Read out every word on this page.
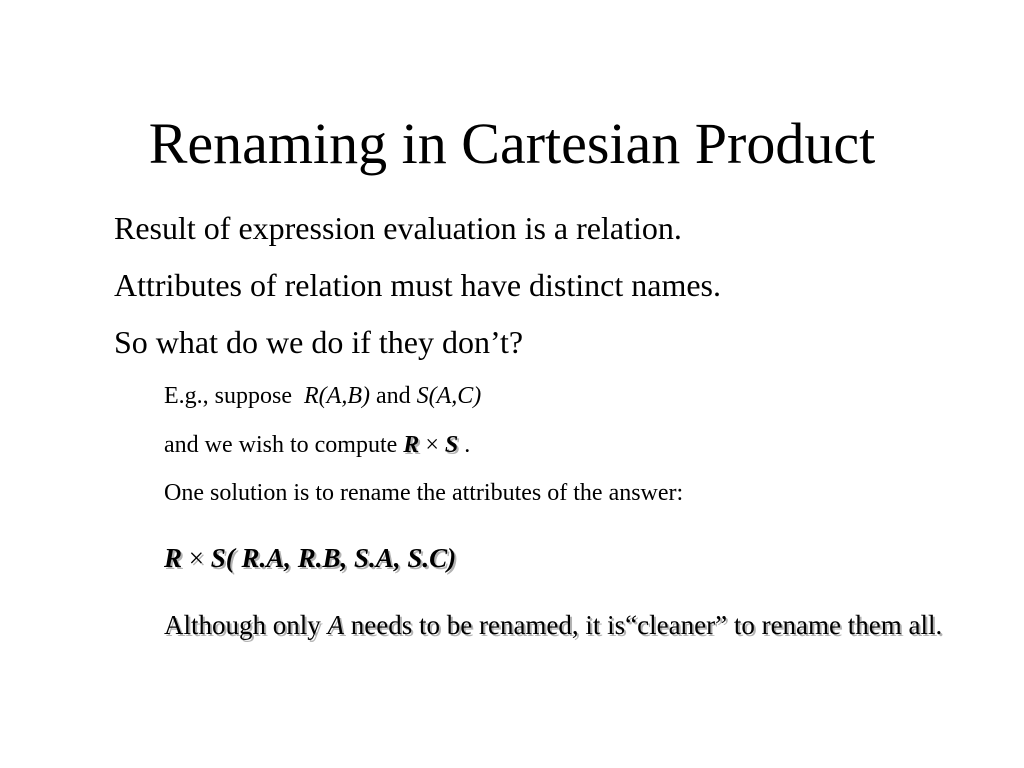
Renaming in Cartesian Product

Result of expression evaluation is a relation.

Attributes of relation must have distinct names.

So what do we do if they don’t?

E.g., suppose  R(A,B) and S(A,C)

and we wish to compute R × S .

One solution is to rename the attributes of the answer:

R × S( R.A, R.B, S.A, S.C)

Although only A needs to be renamed, it is“cleaner” to rename them all.
